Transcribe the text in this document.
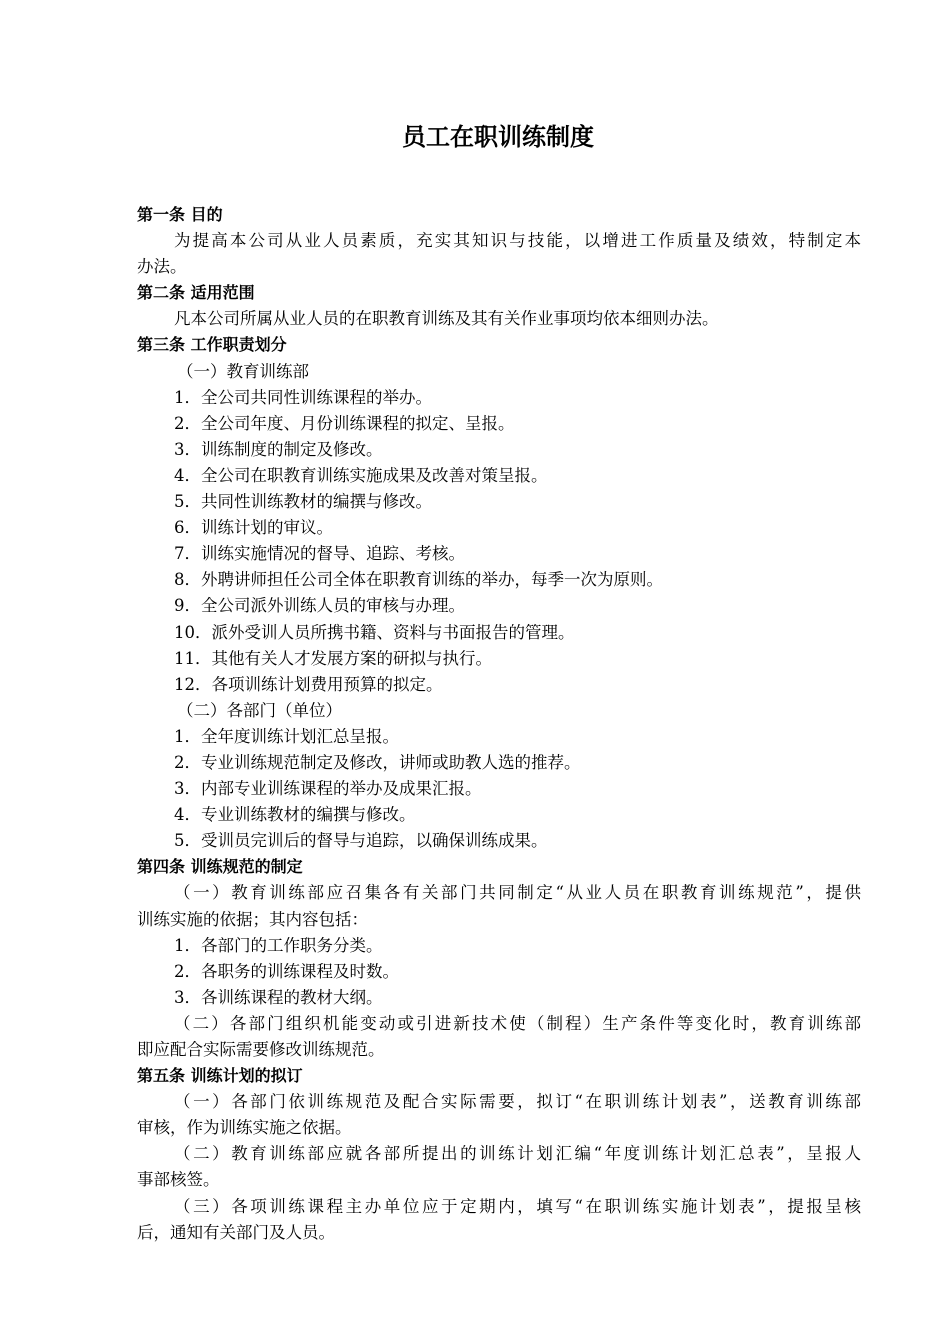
员工在职训练制度
第一条 目的
为提高本公司从业人员素质，充实其知识与技能，以增进工作质量及绩效，特制定本
办法。
第二条 适用范围
凡本公司所属从业人员的在职教育训练及其有关作业事项均依本细则办法。
第三条 工作职责划分
（一）教育训练部
1．全公司共同性训练课程的举办。
2．全公司年度、月份训练课程的拟定、呈报。
3．训练制度的制定及修改。
4．全公司在职教育训练实施成果及改善对策呈报。
5．共同性训练教材的编撰与修改。
6．训练计划的审议。
7．训练实施情况的督导、追踪、考核。
8．外聘讲师担任公司全体在职教育训练的举办，每季一次为原则。
9．全公司派外训练人员的审核与办理。
10．派外受训人员所携书籍、资料与书面报告的管理。
11．其他有关人才发展方案的研拟与执行。
12．各项训练计划费用预算的拟定。
（二）各部门（单位）
1．全年度训练计划汇总呈报。
2．专业训练规范制定及修改，讲师或助教人选的推荐。
3．内部专业训练课程的举办及成果汇报。
4．专业训练教材的编撰与修改。
5．受训员完训后的督导与追踪，以确保训练成果。
第四条 训练规范的制定
（一）教育训练部应召集各有关部门共同制定“从业人员在职教育训练规范”，提供
训练实施的依据；其内容包括：
1．各部门的工作职务分类。
2．各职务的训练课程及时数。
3．各训练课程的教材大纲。
（二）各部门组织机能变动或引进新技术使（制程）生产条件等变化时，教育训练部
即应配合实际需要修改训练规范。
第五条 训练计划的拟订
（一）各部门依训练规范及配合实际需要，拟订“在职训练计划表”，送教育训练部
审核，作为训练实施之依据。
（二）教育训练部应就各部所提出的训练计划汇编“年度训练计划汇总表”，呈报人
事部核签。
（三）各项训练课程主办单位应于定期内，填写“在职训练实施计划表”，提报呈核
后，通知有关部门及人员。
